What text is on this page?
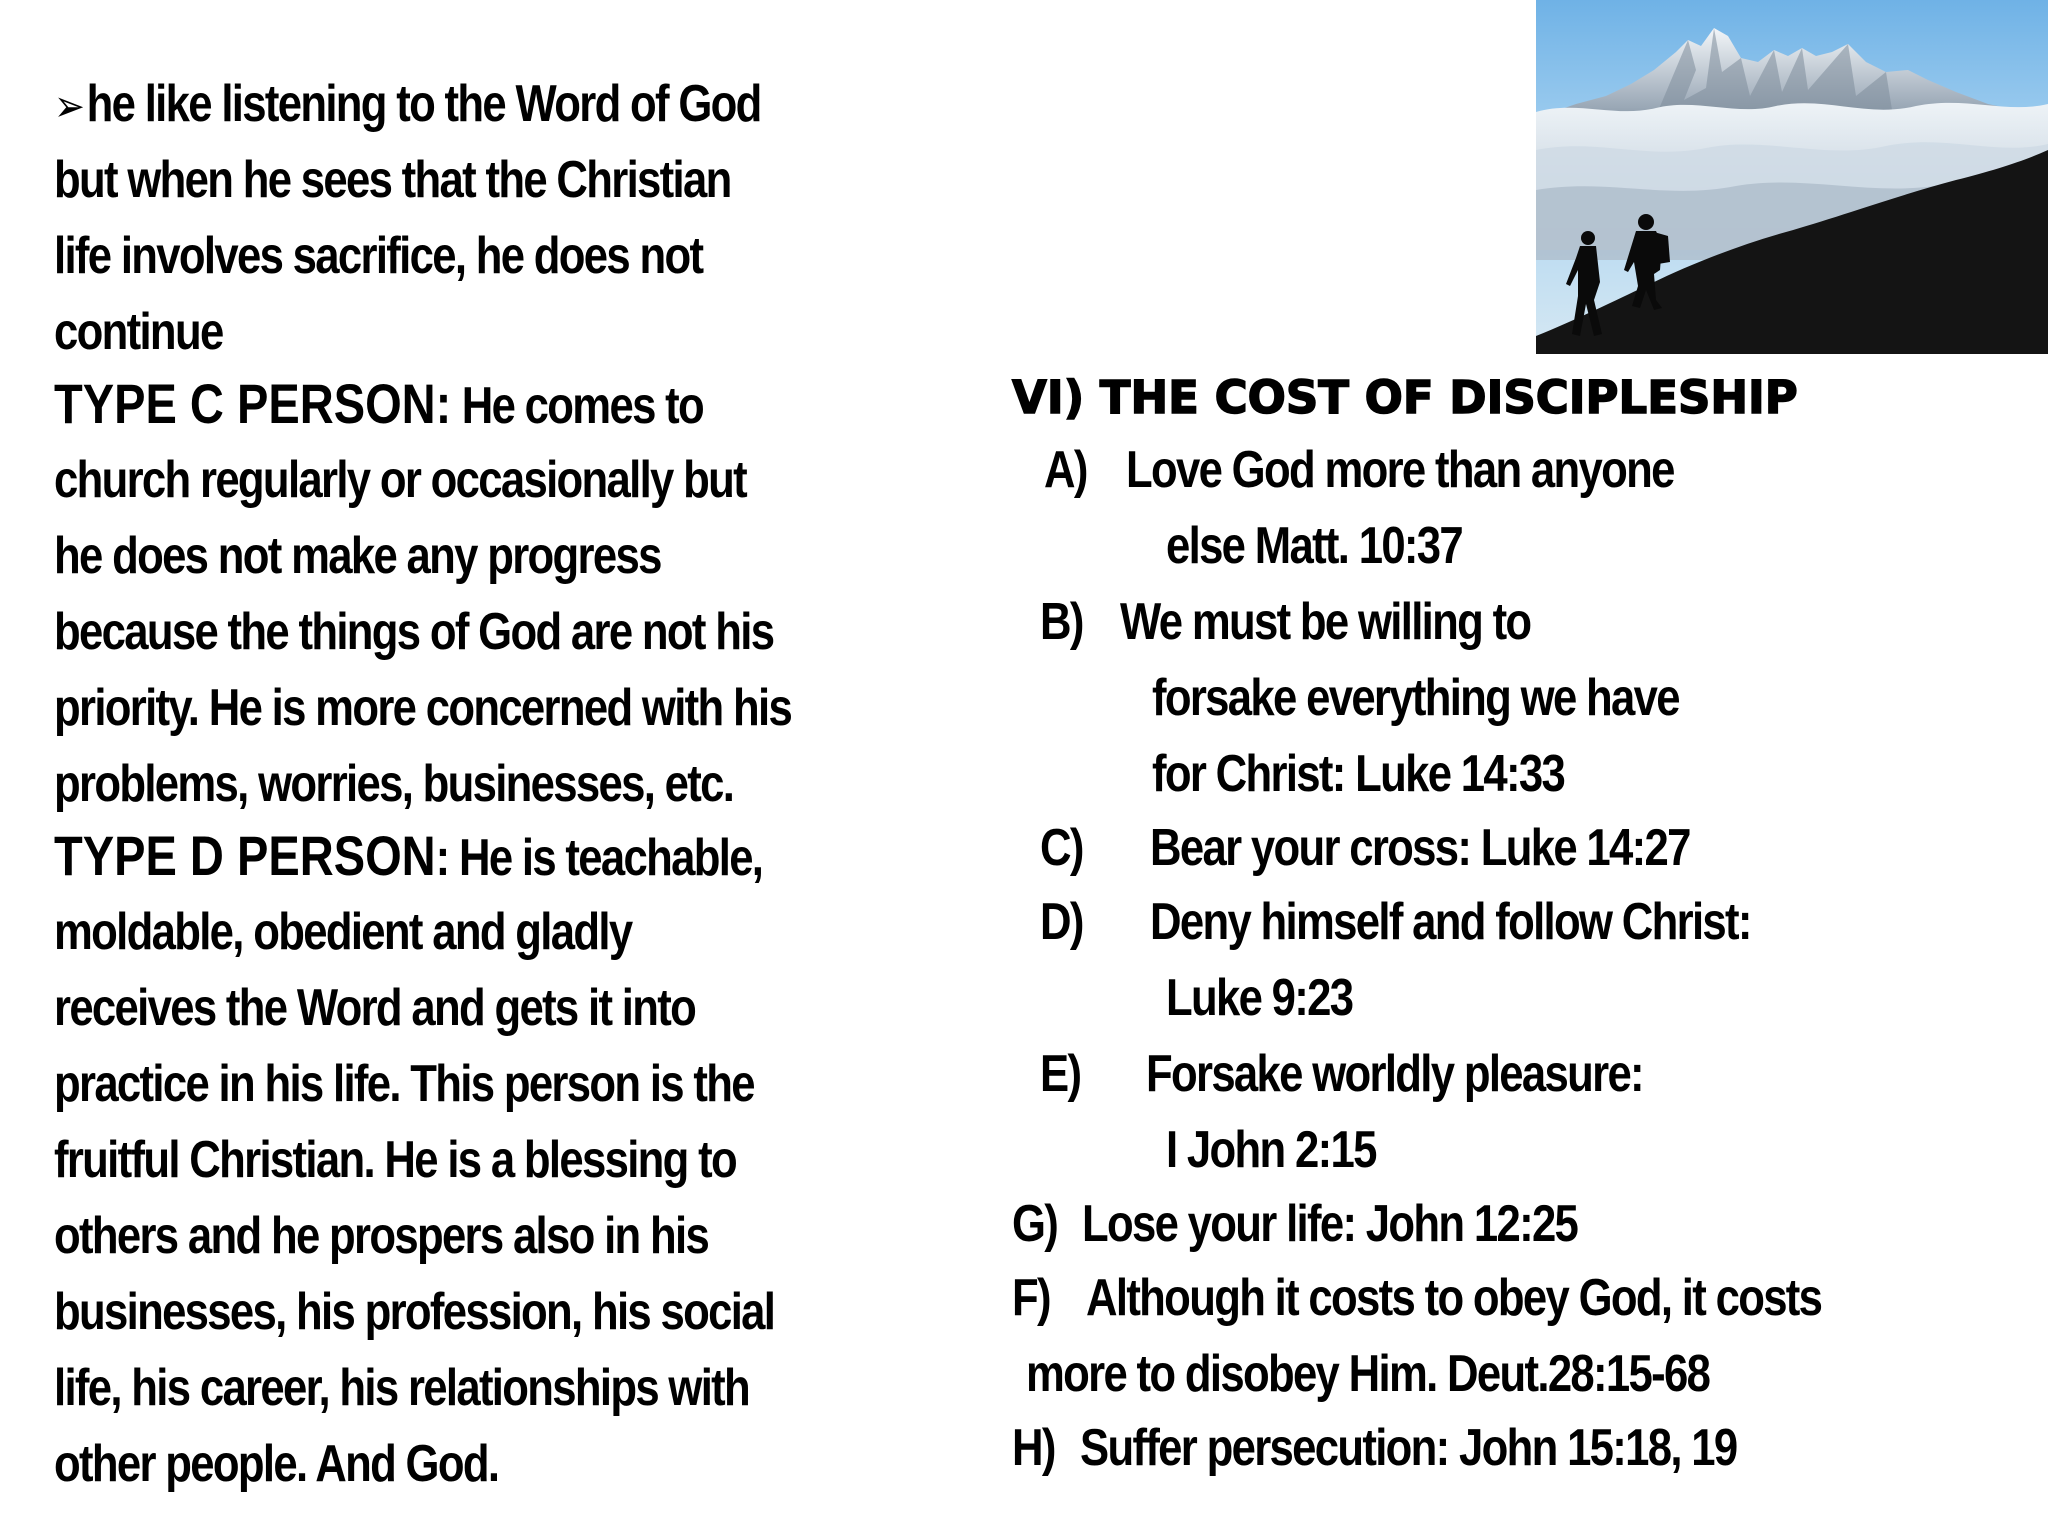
➢he like listening to the Word of God
but when he sees that the Christian
life involves sacrifice, he does not
continue
TYPE C PERSON: He comes to
church regularly or occasionally but
he does not make any progress
because the things of God are not his
priority. He is more concerned with his
problems, worries, businesses, etc.
TYPE D PERSON: He is teachable,
moldable, obedient and gladly
receives the Word and gets it into
practice in his life. This person is the
fruitful Christian. He is a blessing to
others and he prospers also in his
businesses, his profession, his social
life, his career, his relationships with
other people. And God.
VI) THE COST OF DISCIPLESHIP
A) Love God more than anyone
else Matt. 10:37
B) We must be willing to
forsake everything we have
for Christ: Luke 14:33
C) Bear your cross: Luke 14:27
D) Deny himself and follow Christ:
Luke 9:23
E) Forsake worldly pleasure:
I John 2:15
G) Lose your life: John 12:25
F) Although it costs to obey God, it costs
more to disobey Him. Deut.28:15-68
H) Suffer persecution: John 15:18, 19
